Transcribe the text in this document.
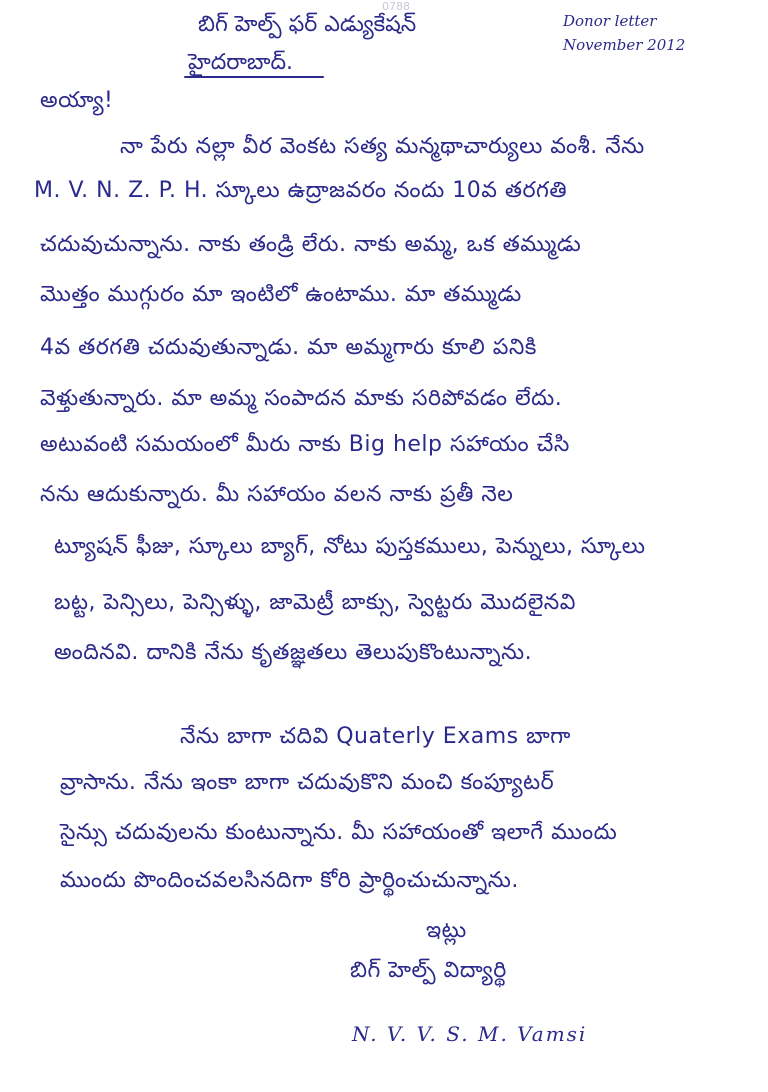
0788
బిగ్ హెల్ప్ ఫర్ ఎడ్యుకేషన్
హైదరాబాద్.
Donor letter
November 2012
అయ్యా!
నా పేరు నల్లా వీర వెంకట సత్య మన్మథాచార్యులు వంశీ. నేను
M. V. N. Z. P. H. స్కూలు ఉద్రాజవరం నందు 10వ తరగతి
చదువుచున్నాను. నాకు తండ్రి లేరు. నాకు అమ్మ, ఒక తమ్ముడు
మొత్తం ముగ్గురం మా ఇంటిలో ఉంటాము. మా తమ్ముడు
4వ తరగతి చదువుతున్నాడు. మా అమ్మగారు కూలి పనికి
వెళ్తుతున్నారు. మా అమ్మ సంపాదన మాకు సరిపోవడం లేదు.
అటువంటి సమయంలో మీరు నాకు Big help సహాయం చేసి
నను ఆదుకున్నారు. మీ సహాయం వలన నాకు ప్రతీ నెల
ట్యూషన్ ఫీజు, స్కూలు బ్యాగ్, నోటు పుస్తకములు, పెన్నులు, స్కూలు
బట్ట, పెన్సిలు, పెన్సిళ్ళు, జామెట్రీ బాక్సు, స్వెట్టరు మొదలైనవి
అందినవి. దానికి నేను కృతజ్ఞతలు తెలుపుకొంటున్నాను.
నేను బాగా చదివి Quaterly Exams బాగా
వ్రాసాను. నేను ఇంకా బాగా చదువుకొని మంచి కంప్యూటర్
సైన్సు చదువులను కుంటున్నాను. మీ సహాయంతో ఇలాగే ముందు
ముందు పొందించవలసినదిగా కోరి ప్రార్థించుచున్నాను.
ఇట్లు
బిగ్ హెల్ప్ విద్యార్థి
N. V. V. S. M. Vamsi
